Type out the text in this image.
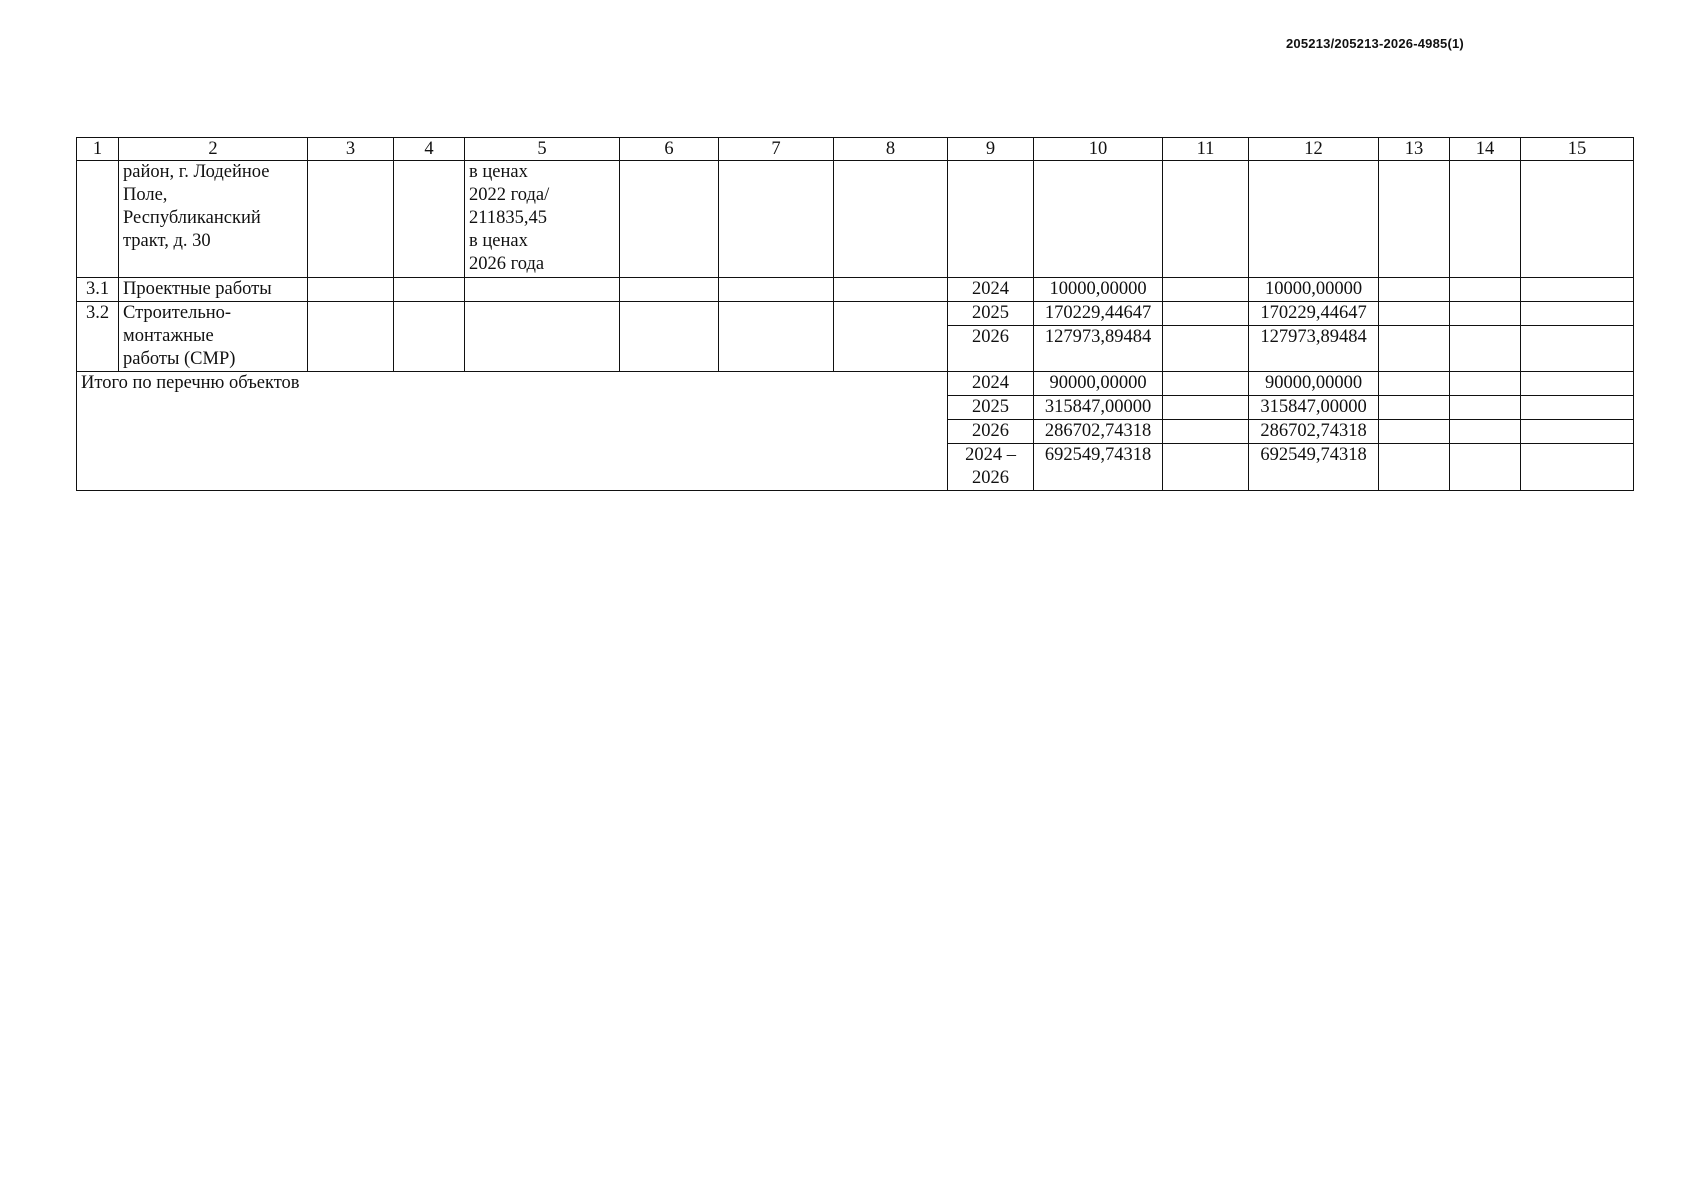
205213/205213-2026-4985(1)
1	2	3	4	5	6	7	8	9	10	11	12	13	14	15
	район, г. Лодейное
Поле,
Республиканский
тракт, д. 30			в ценах
2022 года/
211835,45
в ценах
2026 года										
3.1	Проектные работы							2024	10000,00000		10000,00000			
3.2	Строительно-
монтажные
работы (СМР)							2025	170229,44647		170229,44647			
								2026	127973,89484		127973,89484			
Итого по перечню объектов								2024	90000,00000		90000,00000			
								2025	315847,00000		315847,00000			
								2026	286702,74318		286702,74318			
								2024 –
2026	692549,74318		692549,74318			
